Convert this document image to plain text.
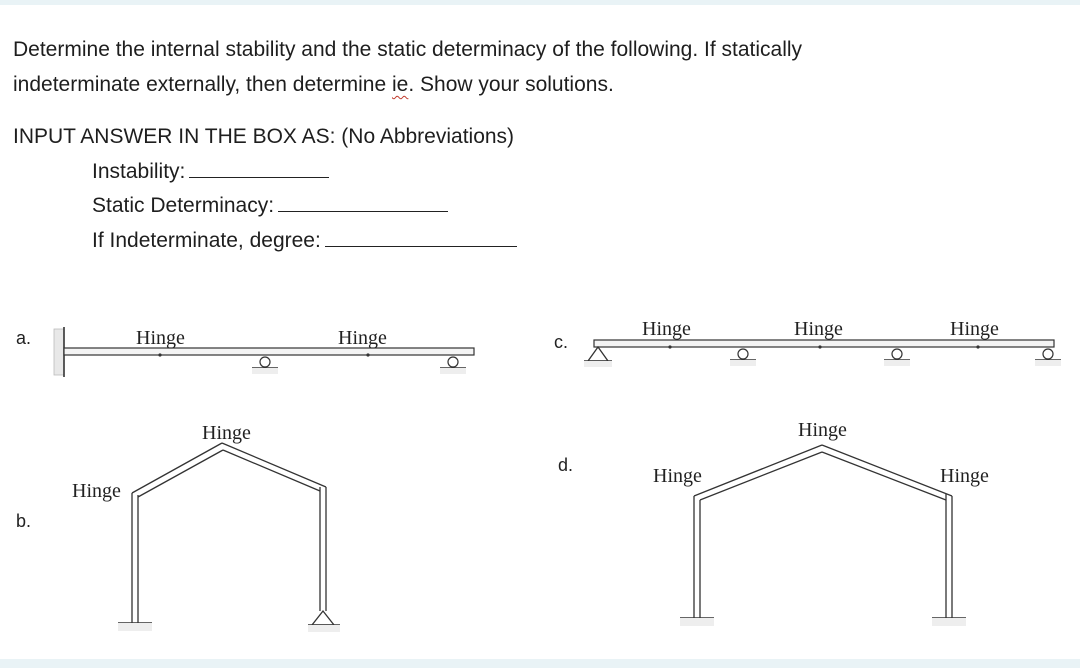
Determine the internal stability and the static determinacy of the following. If statically
indeterminate externally, then determine ie. Show your solutions.
INPUT ANSWER IN THE BOX AS: (No Abbreviations)
Instability:
Static Determinacy:
If Indeterminate, degree:
a.	c.
b.
d.
Hinge	Hinge	Hinge	Hinge	Hinge
Hinge
Hinge
Hinge
Hinge	Hinge
